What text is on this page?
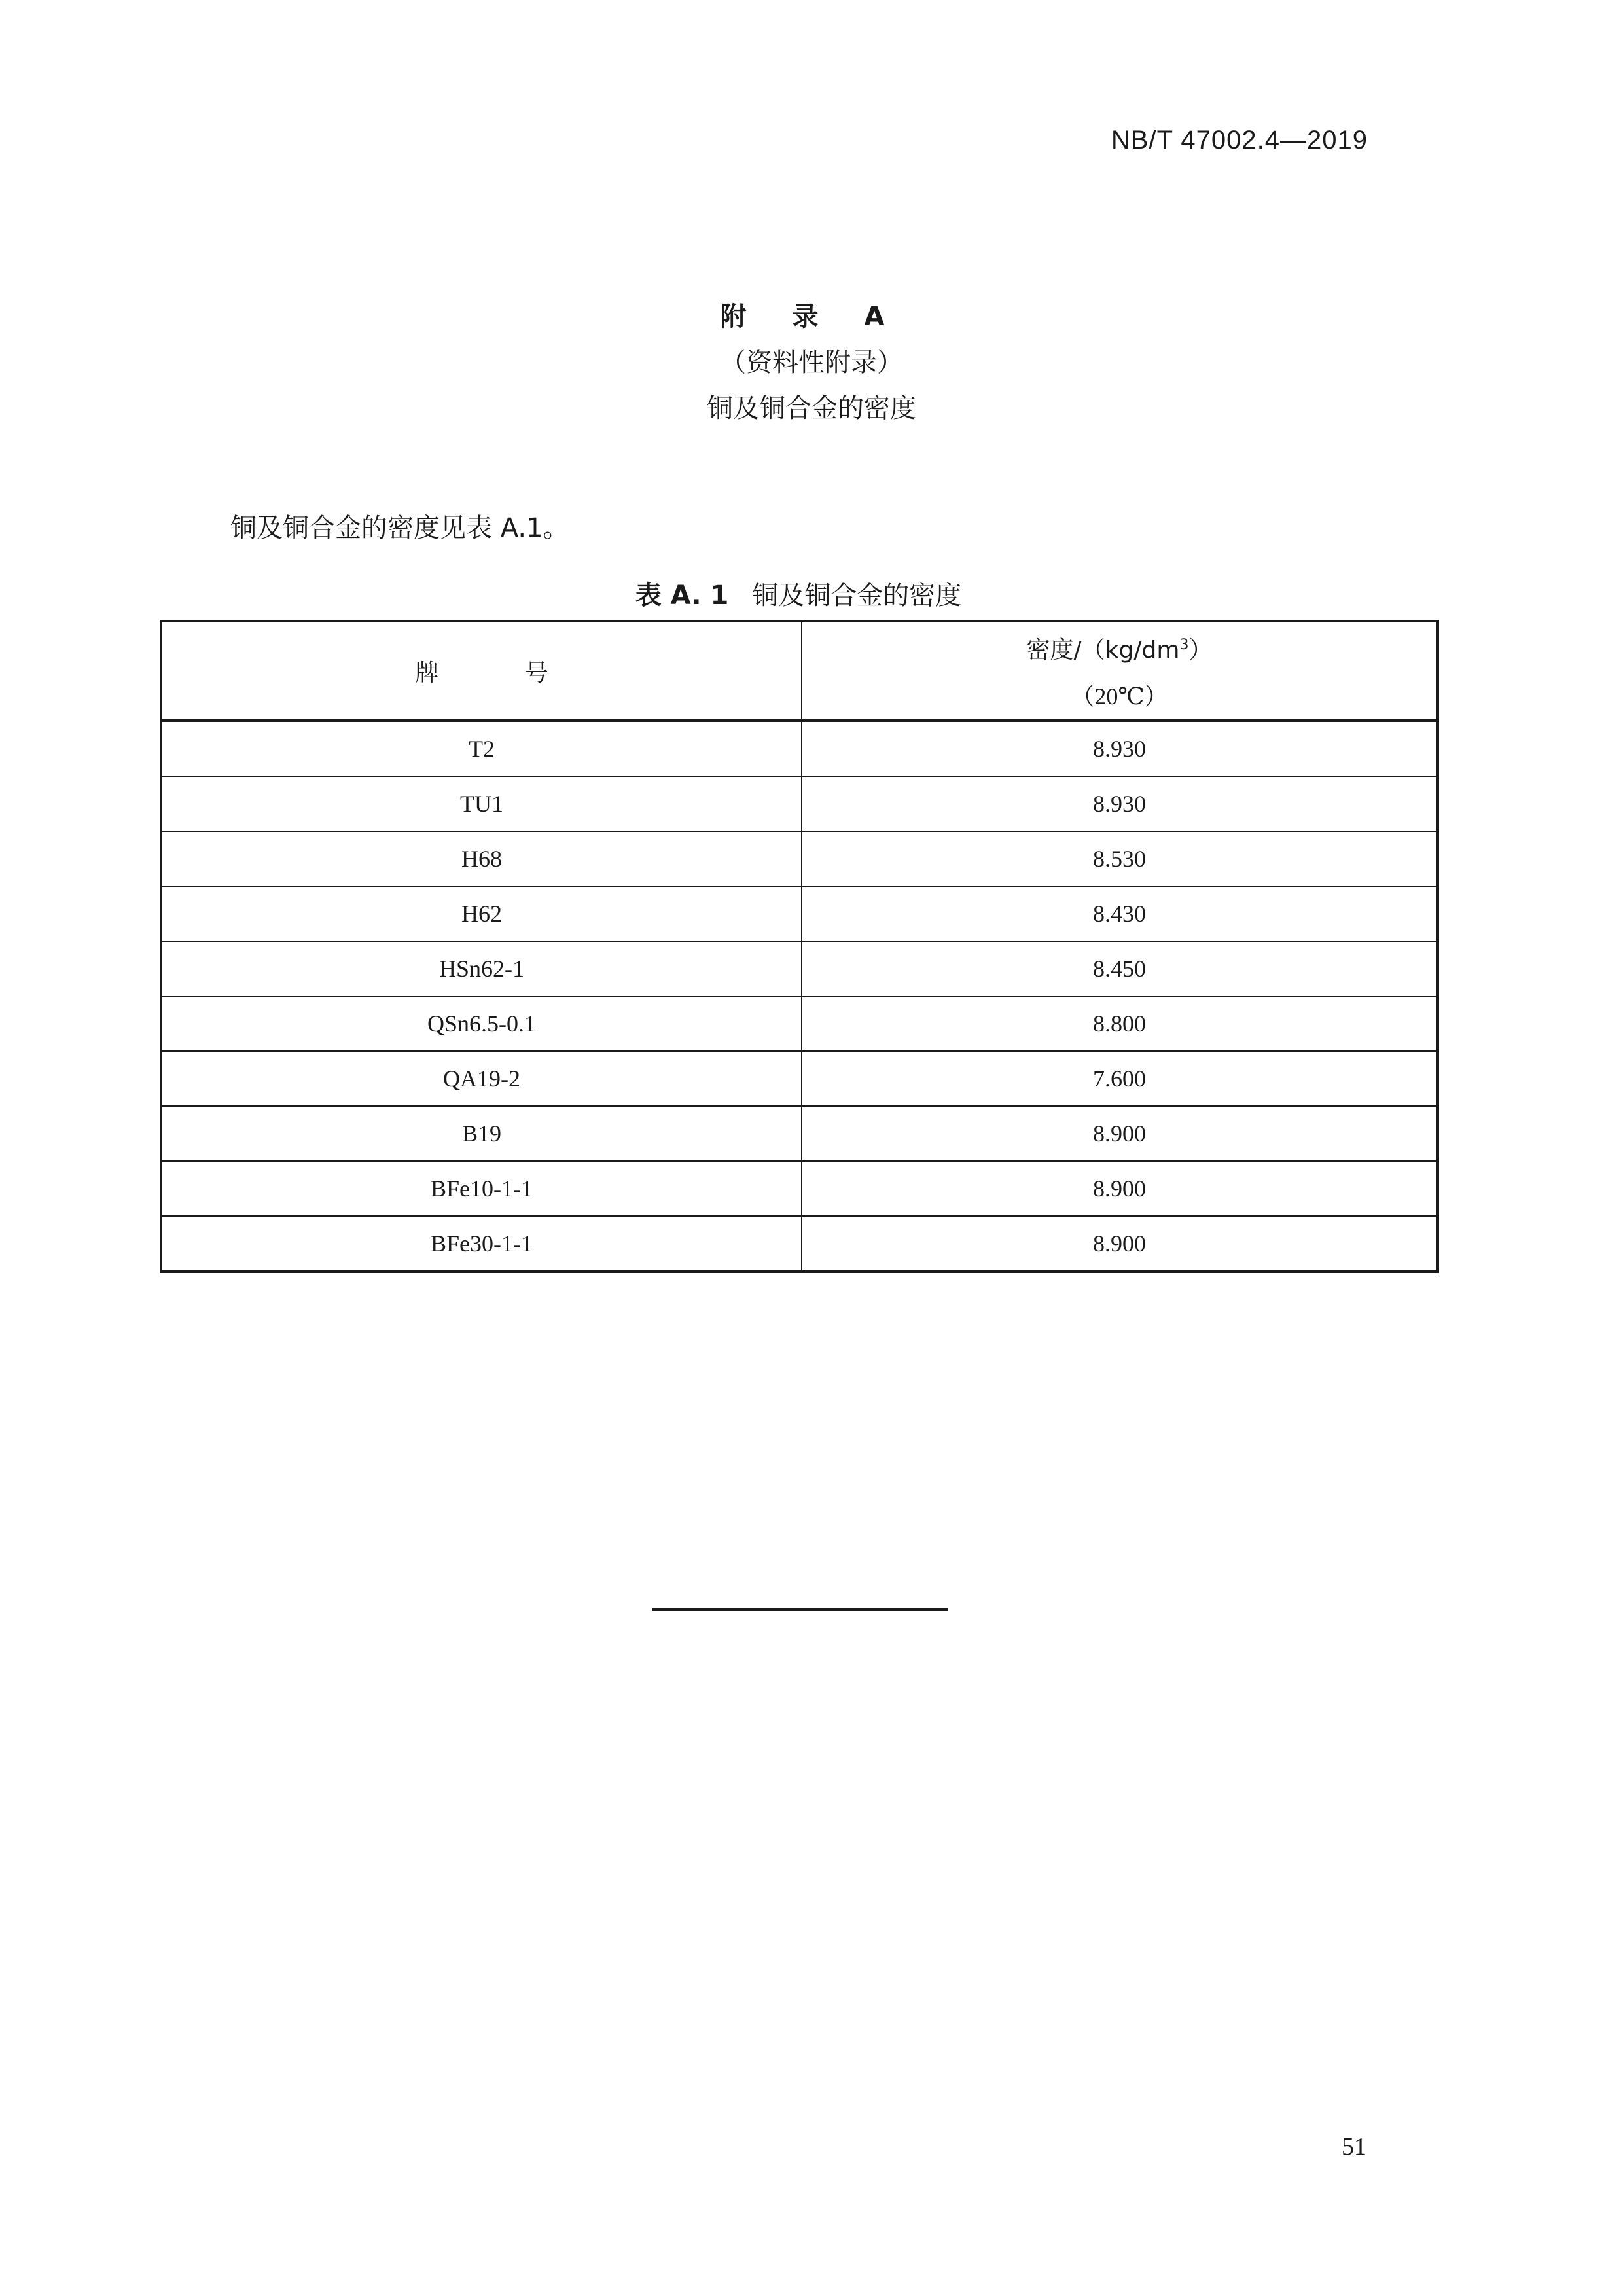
NB/T 47002.4—2019
附 录 A
（资料性附录）
铜及铜合金的密度
铜及铜合金的密度见表 A.1。
表 A. 1 铜及铜合金的密度
牌 号	密度$/(kg/dm^3)$
（20℃）

T2	8.930
TU1	8.930
H68	8.530
H62	8.430
HSn62-1	8.450
QSn6.5-0.1	8.800
QA19-2	7.600
B19	8.900
BFe10-1-1	8.900
BFe30-1-1	8.900
51
